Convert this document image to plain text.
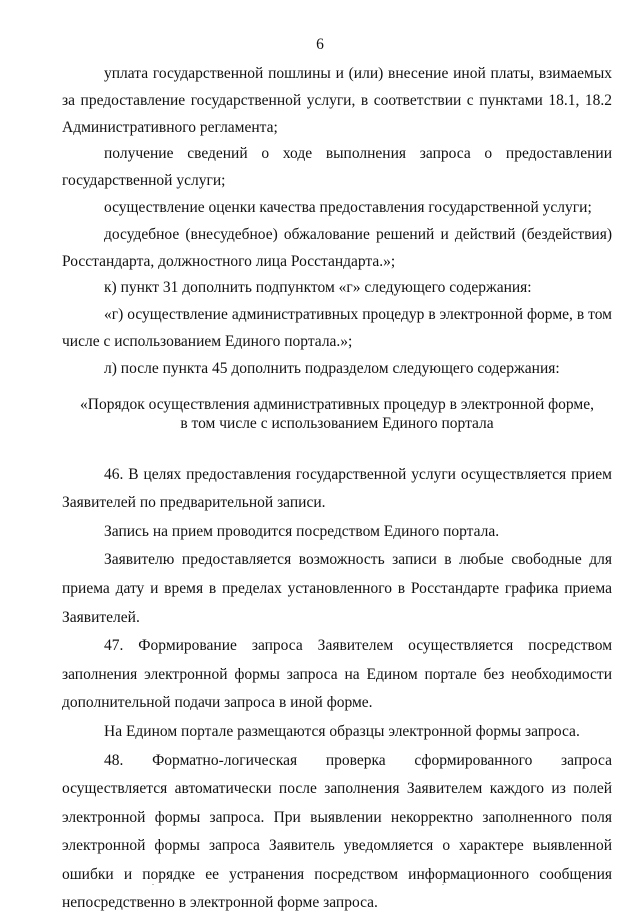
6

уплата государственной пошлины и (или) внесение иной платы, взимаемых за предоставление государственной услуги, в соответствии с пунктами 18.1, 18.2 Административного регламента;

получение сведений о ходе выполнения запроса о предоставлении государственной услуги;

осуществление оценки качества предоставления государственной услуги;

досудебное (внесудебное) обжалование решений и действий (бездействия) Росстандарта, должностного лица Росстандарта.»;

к) пункт 31 дополнить подпунктом «г» следующего содержания:

«г) осуществление административных процедур в электронной форме, в том числе с использованием Единого портала.»;

л) после пункта 45 дополнить подразделом следующего содержания:

«Порядок осуществления административных процедур в электронной форме,
в том числе с использованием Единого портала

46. В целях предоставления государственной услуги осуществляется прием Заявителей по предварительной записи.

Запись на прием проводится посредством Единого портала.

Заявителю предоставляется возможность записи в любые свободные для приема дату и время в пределах установленного в Росстандарте графика приема Заявителей.

47. Формирование запроса Заявителем осуществляется посредством заполнения электронной формы запроса на Едином портале без необходимости дополнительной подачи запроса в иной форме.

На Едином портале размещаются образцы электронной формы запроса.

48. Форматно-логическая проверка сформированного запроса осуществляется автоматически после заполнения Заявителем каждого из полей электронной формы запроса. При выявлении некорректно заполненного поля электронной формы запроса Заявитель уведомляется о характере выявленной ошибки и порядке ее устранения посредством информационного сообщения непосредственно в электронной форме запроса.
